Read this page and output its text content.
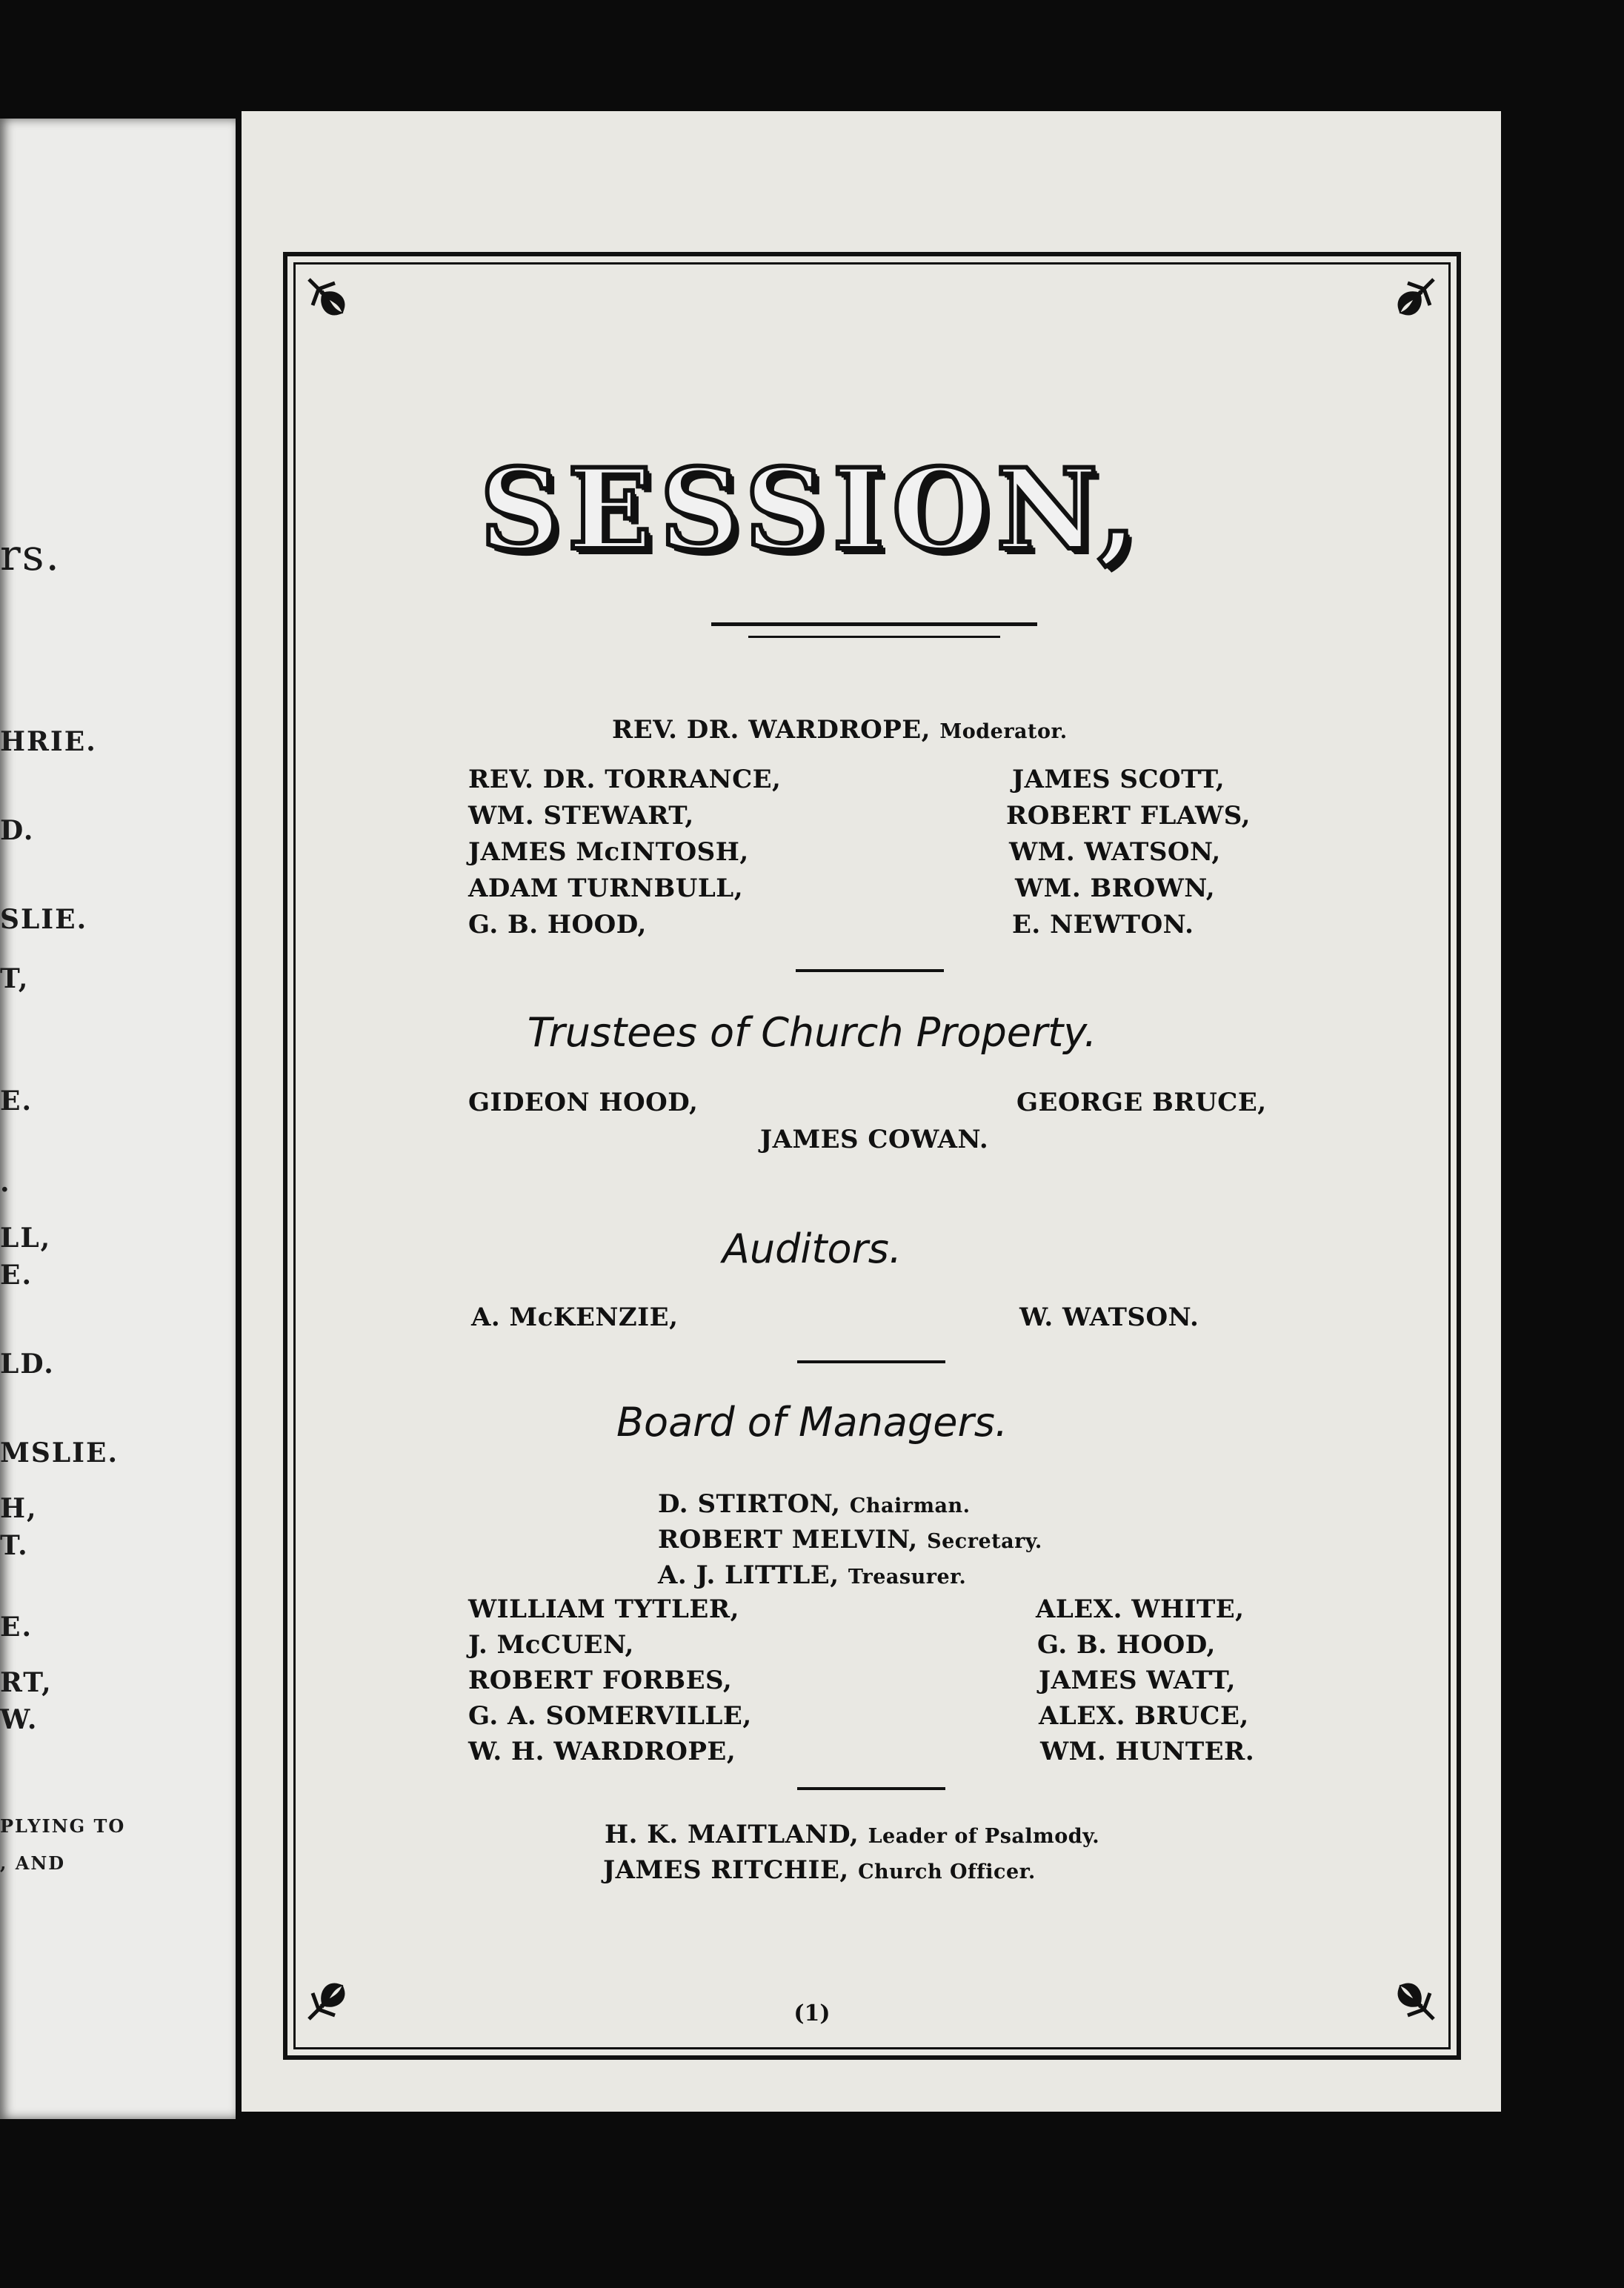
rs.
HRIE.
D.
SLIE.
T,
E.
.
LL,
E.
LD.
MSLIE.
H,
T.
E.
RT,
W.
PLYING TO
, AND
SESSION,
REV. DR. WARDROPE, Moderator.
REV. DR. TORRANCE,
WM. STEWART,
JAMES McINTOSH,
ADAM TURNBULL,
G. B. HOOD,
JAMES SCOTT,
ROBERT FLAWS,
WM. WATSON,
WM. BROWN,
E. NEWTON.
Trustees of Church Property.
GIDEON HOOD,	GEORGE BRUCE,
JAMES COWAN.
Auditors.
A. McKENZIE,	W. WATSON.
Board of Managers.
D. STIRTON, Chairman.
ROBERT MELVIN, Secretary.
A. J. LITTLE, Treasurer.
WILLIAM TYTLER,
J. McCUEN,
ROBERT FORBES,
G. A. SOMERVILLE,
W. H. WARDROPE,
ALEX. WHITE,
G. B. HOOD,
JAMES WATT,
ALEX. BRUCE,
WM. HUNTER.
H. K. MAITLAND, Leader of Psalmody.
JAMES RITCHIE, Church Officer.
(1)
